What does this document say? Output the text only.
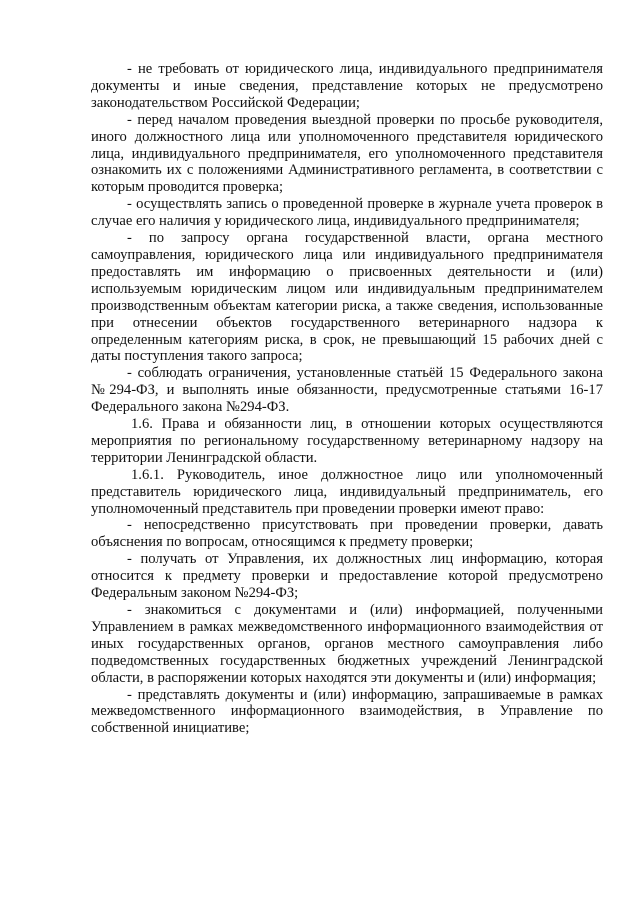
- не требовать от юридического лица, индивидуального предпринимателя документы и иные сведения, представление которых не предусмотрено законодательством Российской Федерации;

- перед началом проведения выездной проверки по просьбе руководителя, иного должностного лица или уполномоченного представителя юридического лица, индивидуального предпринимателя, его уполномоченного представителя ознакомить их с положениями Административного регламента, в соответствии с которым проводится проверка;

- осуществлять запись о проведенной проверке в журнале учета проверок в случае его наличия у юридического лица, индивидуального предпринимателя;

- по запросу органа государственной власти, органа местного самоуправления, юридического лица или индивидуального предпринимателя предоставлять им информацию о присвоенных деятельности и (или) используемым юридическим лицом или индивидуальным предпринимателем производственным объектам категории риска, а также сведения, использованные при отнесении объектов государственного ветеринарного надзора к определенным категориям риска, в срок, не превышающий 15 рабочих дней с даты поступления такого запроса;

- соблюдать ограничения, установленные статьёй 15 Федерального закона №294-ФЗ, и выполнять иные обязанности, предусмотренные статьями 16-17 Федерального закона №294-ФЗ.

1.6. Права и обязанности лиц, в отношении которых осуществляются мероприятия по региональному государственному ветеринарному надзору на территории Ленинградской области.

1.6.1. Руководитель, иное должностное лицо или уполномоченный представитель юридического лица, индивидуальный предприниматель, его уполномоченный представитель при проведении проверки имеют право:

- непосредственно присутствовать при проведении проверки, давать объяснения по вопросам, относящимся к предмету проверки;

- получать от Управления, их должностных лиц информацию, которая относится к предмету проверки и предоставление которой предусмотрено Федеральным законом №294-ФЗ;

- знакомиться с документами и (или) информацией, полученными Управлением в рамках межведомственного информационного взаимодействия от иных государственных органов, органов местного самоуправления либо подведомственных государственных бюджетных учреждений Ленинградской области, в распоряжении которых находятся эти документы и (или) информация;

- представлять документы и (или) информацию, запрашиваемые в рамках межведомственного информационного взаимодействия, в Управление по собственной инициативе;
